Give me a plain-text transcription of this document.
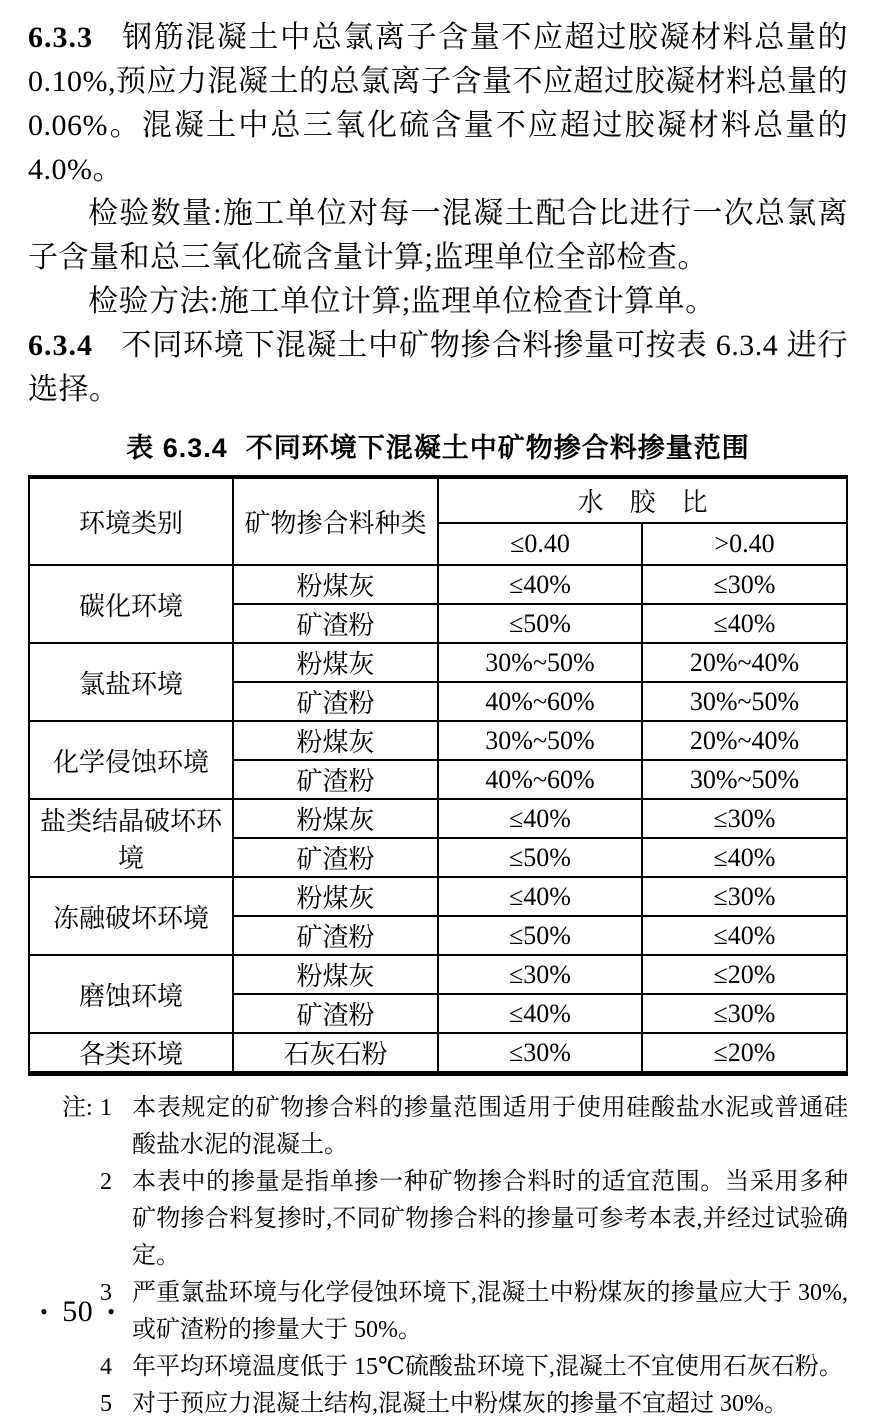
6.3.3 钢筋混凝土中总氯离子含量不应超过胶凝材料总量的0.10%,预应力混凝土的总氯离子含量不应超过胶凝材料总量的0.06%。混凝土中总三氧化硫含量不应超过胶凝材料总量的 4.0%。

检验数量:施工单位对每一混凝土配合比进行一次总氯离子含量和总三氧化硫含量计算;监理单位全部检查。

检验方法:施工单位计算;监理单位检查计算单。

6.3.4 不同环境下混凝土中矿物掺合料掺量可按表 6.3.4 进行选择。

表 6.3.4 不同环境下混凝土中矿物掺合料掺量范围
环境类别	矿物掺合料种类	水　胶　比	
		≤0.40	>0.40
碳化环境	粉煤灰	≤40%	≤30%
	矿渣粉	≤50%	≤40%
氯盐环境	粉煤灰	30%~50%	20%~40%
	矿渣粉	40%~60%	30%~50%
化学侵蚀环境	粉煤灰	30%~50%	20%~40%
	矿渣粉	40%~60%	30%~50%
盐类结晶破坏环境	粉煤灰	≤40%	≤30%
	矿渣粉	≤50%	≤40%
冻融破坏环境	粉煤灰	≤40%	≤30%
	矿渣粉	≤50%	≤40%
磨蚀环境	粉煤灰	≤30%	≤20%
	矿渣粉	≤40%	≤30%
各类环境	石灰石粉	≤30%	≤20%
注: 1 本表规定的矿物掺合料的掺量范围适用于使用硅酸盐水泥或普通硅酸盐水泥的混凝土。
2 本表中的掺量是指单掺一种矿物掺合料时的适宜范围。当采用多种矿物掺合料复掺时,不同矿物掺合料的掺量可参考本表,并经过试验确定。
3 严重氯盐环境与化学侵蚀环境下,混凝土中粉煤灰的掺量应大于 30%,或矿渣粉的掺量大于 50%。
4 年平均环境温度低于 15℃硫酸盐环境下,混凝土不宜使用石灰石粉。
5 对于预应力混凝土结构,混凝土中粉煤灰的掺量不宜超过 30%。
• 50 •
